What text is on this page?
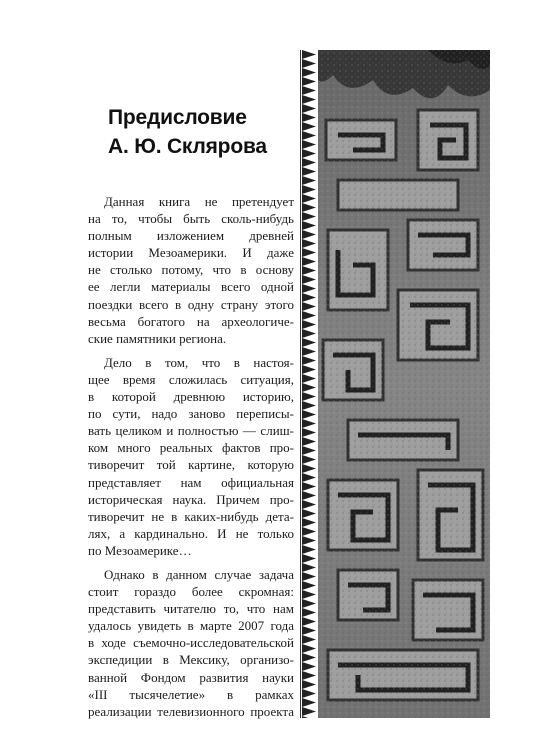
Предисловие
А. Ю. Склярова
Данная книга не претендует
на то, чтобы быть сколь-нибудь
полным изложением древней
истории Мезоамерики. И даже
не столько потому, что в основу
ее легли материалы всего одной
поездки всего в одну страну этого
весьма богатого на археологиче-
ские памятники региона.
Дело в том, что в настоя-
щее время сложилась ситуация,
в которой древнюю историю,
по сути, надо заново переписы-
вать целиком и полностью — слиш-
ком много реальных фактов про-
тиворечит той картине, которую
представляет нам официальная
историческая наука. Причем про-
тиворечит не в каких-нибудь дета-
лях, а кардинально. И не только
по Мезоамерике…
Однако в данном случае задача
стоит гораздо более скромная:
представить читателю то, что нам
удалось увидеть в марте 2007 года
в ходе съемочно-исследовательской
экспедиции в Мексику, организо-
ванной Фондом развития науки
«III тысячелетие» в рамках
реализации телевизионного проекта
